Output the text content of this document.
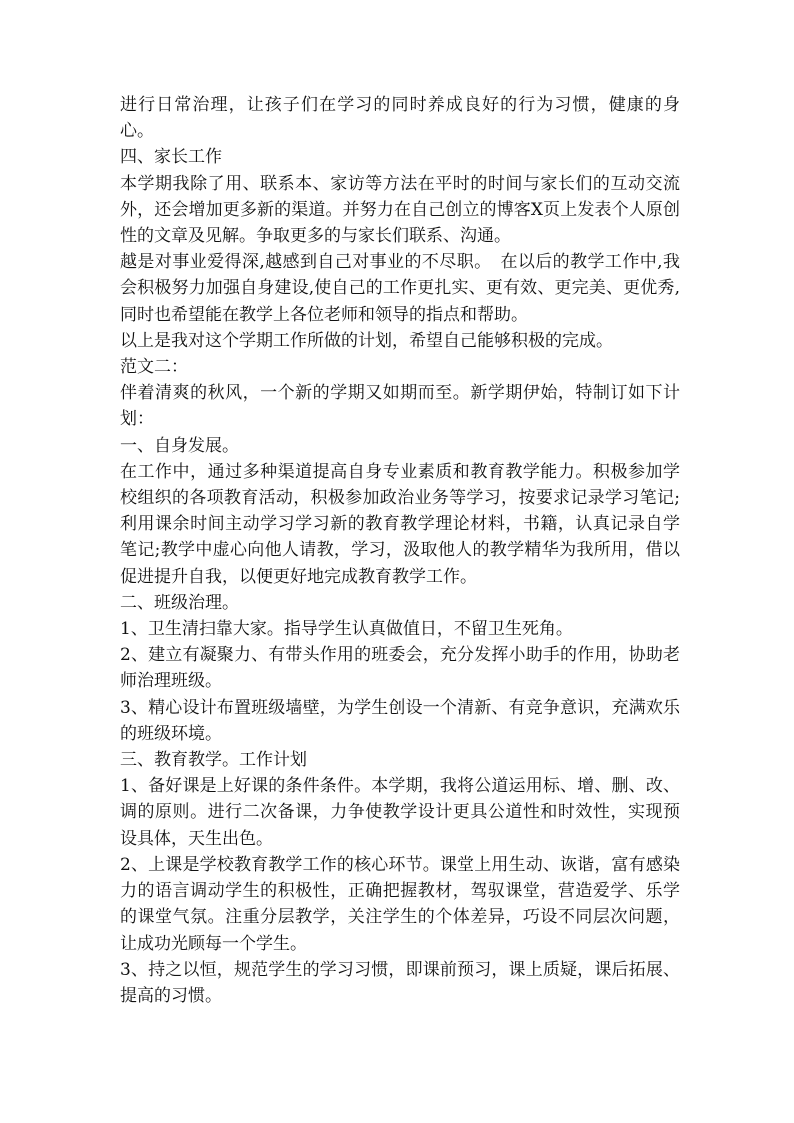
进行日常治理，让孩子们在学习的同时养成良好的行为习惯，健康的身心。

四、家长工作

本学期我除了用、联系本、家访等方法在平时的时间与家长们的互动交流外，还会增加更多新的渠道。并努力在自己创立的博客X页上发表个人原创性的文章及见解。争取更多的与家长们联系、沟通。

越是对事业爱得深,越感到自己对事业的不尽职。　在以后的教学工作中,我会积极努力加强自身建设,使自己的工作更扎实、更有效、更完美、更优秀,同时也希望能在教学上各位老师和领导的指点和帮助。

以上是我对这个学期工作所做的计划，希望自己能够积极的完成。

范文二：

伴着清爽的秋风，一个新的学期又如期而至。新学期伊始，特制订如下计划：

一、自身发展。

在工作中，通过多种渠道提高自身专业素质和教育教学能力。积极参加学校组织的各项教育活动，积极参加政治业务等学习，按要求记录学习笔记;利用课余时间主动学习学习新的教育教学理论材料，书籍，认真记录自学笔记;教学中虚心向他人请教，学习，汲取他人的教学精华为我所用，借以促进提升自我，以便更好地完成教育教学工作。

二、班级治理。

1、卫生清扫靠大家。指导学生认真做值日，不留卫生死角。

2、建立有凝聚力、有带头作用的班委会，充分发挥小助手的作用，协助老师治理班级。

3、精心设计布置班级墙壁，为学生创设一个清新、有竞争意识，充满欢乐的班级环境。

三、教育教学。工作计划

1、备好课是上好课的条件条件。本学期，我将公道运用标、增、删、改、调的原则。进行二次备课，力争使教学设计更具公道性和时效性，实现预设具体，天生出色。

2、上课是学校教育教学工作的核心环节。课堂上用生动、诙谐，富有感染力的语言调动学生的积极性，正确把握教材，驾驭课堂，营造爱学、乐学的课堂气氛。注重分层教学，关注学生的个体差异，巧设不同层次问题，让成功光顾每一个学生。

3、持之以恒，规范学生的学习习惯，即课前预习，课上质疑，课后拓展、提高的习惯。
